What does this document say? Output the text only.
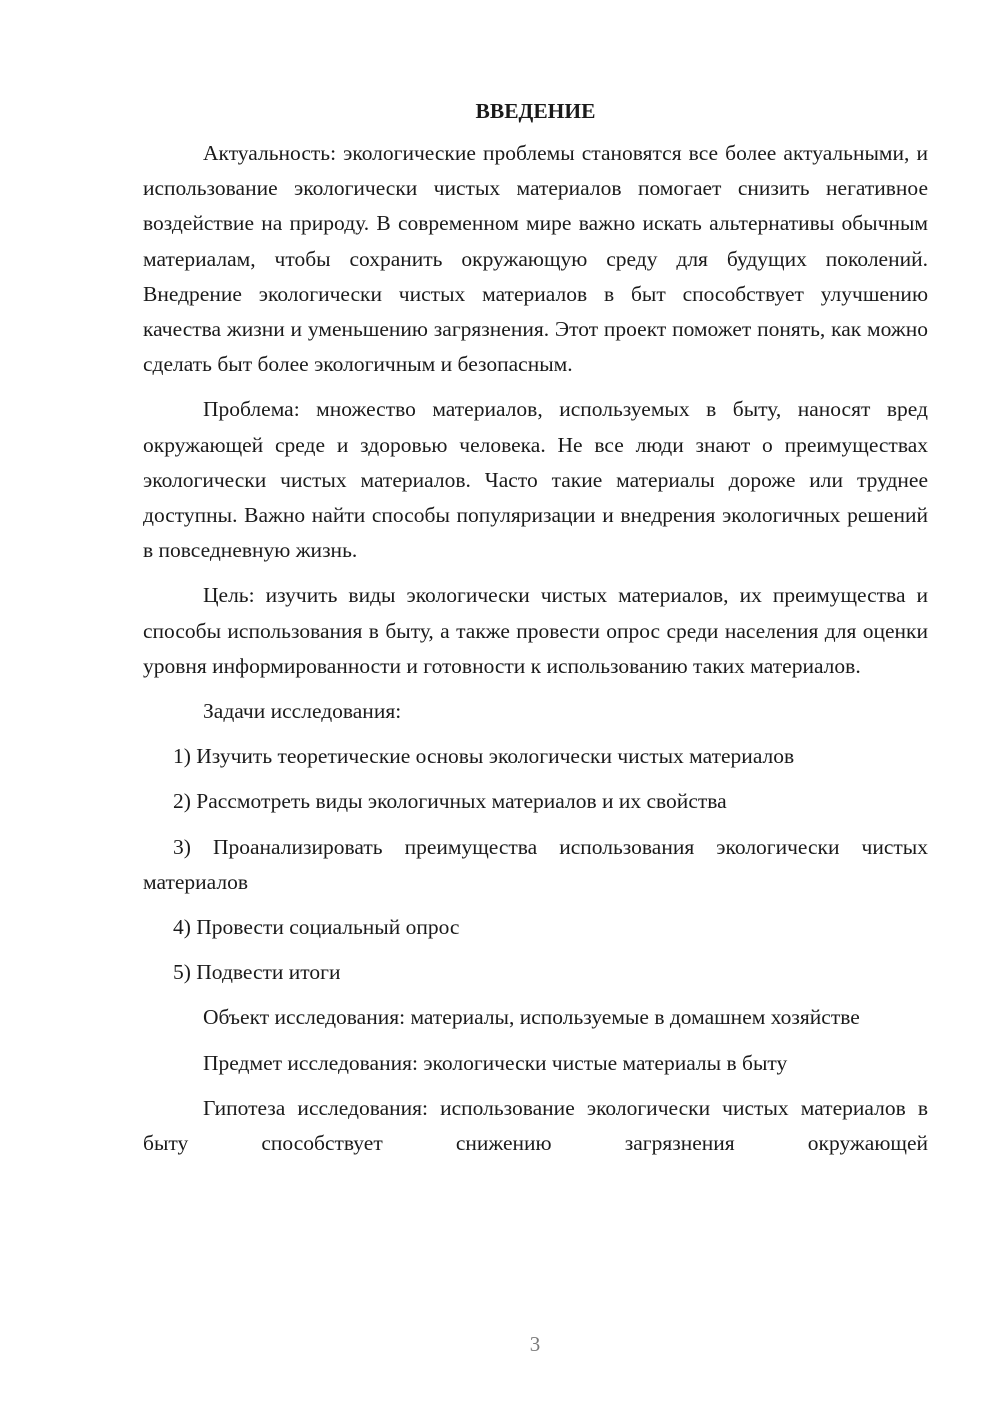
ВВЕДЕНИЕ

Актуальность: экологические проблемы становятся все более актуальными, и использование экологически чистых материалов помогает снизить негативное воздействие на природу. В современном мире важно искать альтернативы обычным материалам, чтобы сохранить окружающую среду для будущих поколений. Внедрение экологически чистых материалов в быт способствует улучшению качества жизни и уменьшению загрязнения. Этот проект поможет понять, как можно сделать быт более экологичным и безопасным.

Проблема: множество материалов, используемых в быту, наносят вред окружающей среде и здоровью человека. Не все люди знают о преимуществах экологически чистых материалов. Часто такие материалы дороже или труднее доступны. Важно найти способы популяризации и внедрения экологичных решений в повседневную жизнь.

Цель: изучить виды экологически чистых материалов, их преимущества и способы использования в быту, а также провести опрос среди населения для оценки уровня информированности и готовности к использованию таких материалов.

Задачи исследования:

1) Изучить теоретические основы экологически чистых материалов

2) Рассмотреть виды экологичных материалов и их свойства

3) Проанализировать преимущества использования экологически чистых материалов

4) Провести социальный опрос

5) Подвести итоги

Объект исследования: материалы, используемые в домашнем хозяйстве

Предмет исследования: экологически чистые материалы в быту

Гипотеза исследования: использование экологически чистых материалов в быту способствует снижению загрязнения окружающей

3
